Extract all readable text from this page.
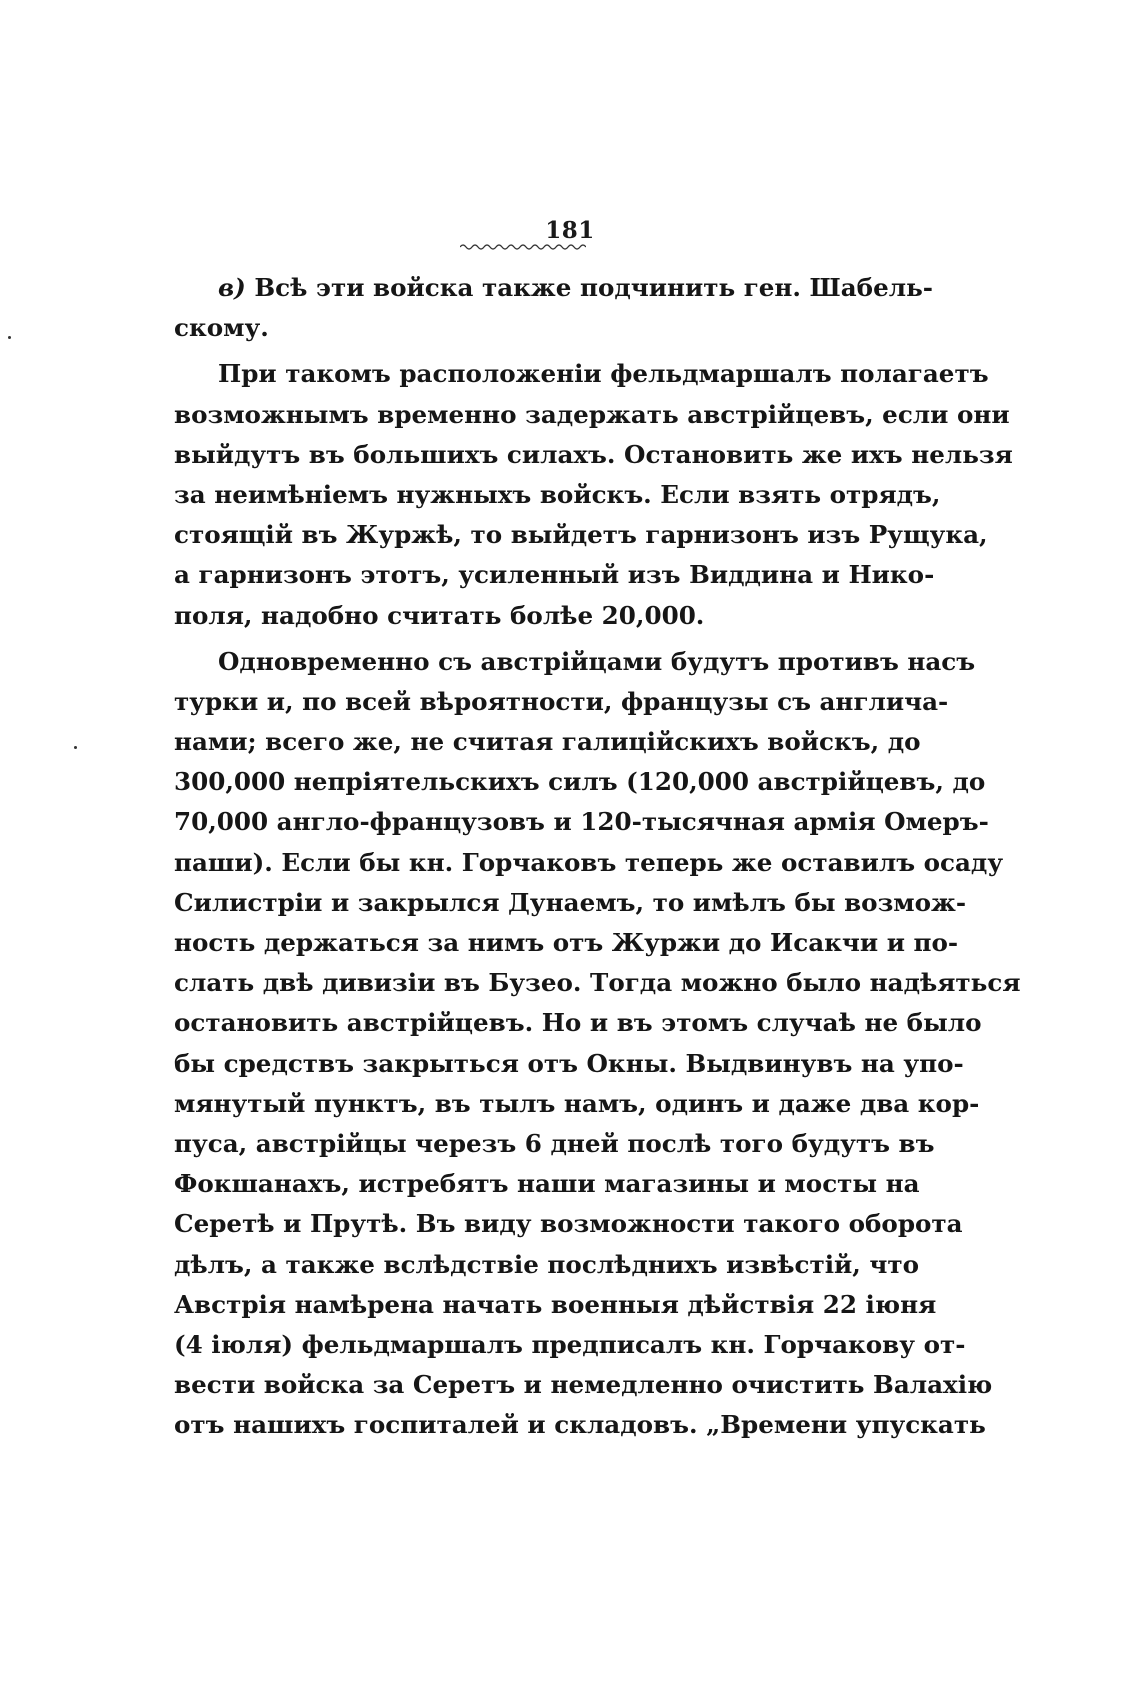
181
в) Всѣ эти войска также подчинить ген. Шабель-
скому.
При такомъ расположеніи фельдмаршалъ полагаетъ
возможнымъ временно задержать австрійцевъ, если они
выйдутъ въ большихъ силахъ. Остановить же ихъ нельзя
за неимѣніемъ нужныхъ войскъ. Если взять отрядъ,
стоящій въ Журжѣ, то выйдетъ гарнизонъ изъ Рущука,
а гарнизонъ этотъ, усиленный изъ Виддина и Нико-
поля, надобно считать болѣе 20,000.
Одновременно съ австрійцами будутъ противъ насъ
турки и, по всей вѣроятности, французы съ англича-
нами; всего же, не считая галиційскихъ войскъ, до
300,000 непріятельскихъ силъ (120,000 австрійцевъ, до
70,000 англо-французовъ и 120-тысячная армія Омеръ-
паши). Если бы кн. Горчаковъ теперь же оставилъ осаду
Силистріи и закрылся Дунаемъ, то имѣлъ бы возмож-
ность держаться за нимъ отъ Журжи до Исакчи и по-
слать двѣ дивизіи въ Бузео. Тогда можно было надѣяться
остановить австрійцевъ. Но и въ этомъ случаѣ не было
бы средствъ закрыться отъ Окны. Выдвинувъ на упо-
мянутый пунктъ, въ тылъ намъ, одинъ и даже два кор-
пуса, австрійцы черезъ 6 дней послѣ того будутъ въ
Фокшанахъ, истребятъ наши магазины и мосты на
Серетѣ и Прутѣ. Въ виду возможности такого оборота
дѣлъ, а также вслѣдствіе послѣднихъ извѣстій, что
Австрія намѣрена начать военныя дѣйствія 22 іюня
(4 іюля) фельдмаршалъ предписалъ кн. Горчакову от-
вести войска за Серетъ и немедленно очистить Валахію
отъ нашихъ госпиталей и складовъ. „Времени упускать
